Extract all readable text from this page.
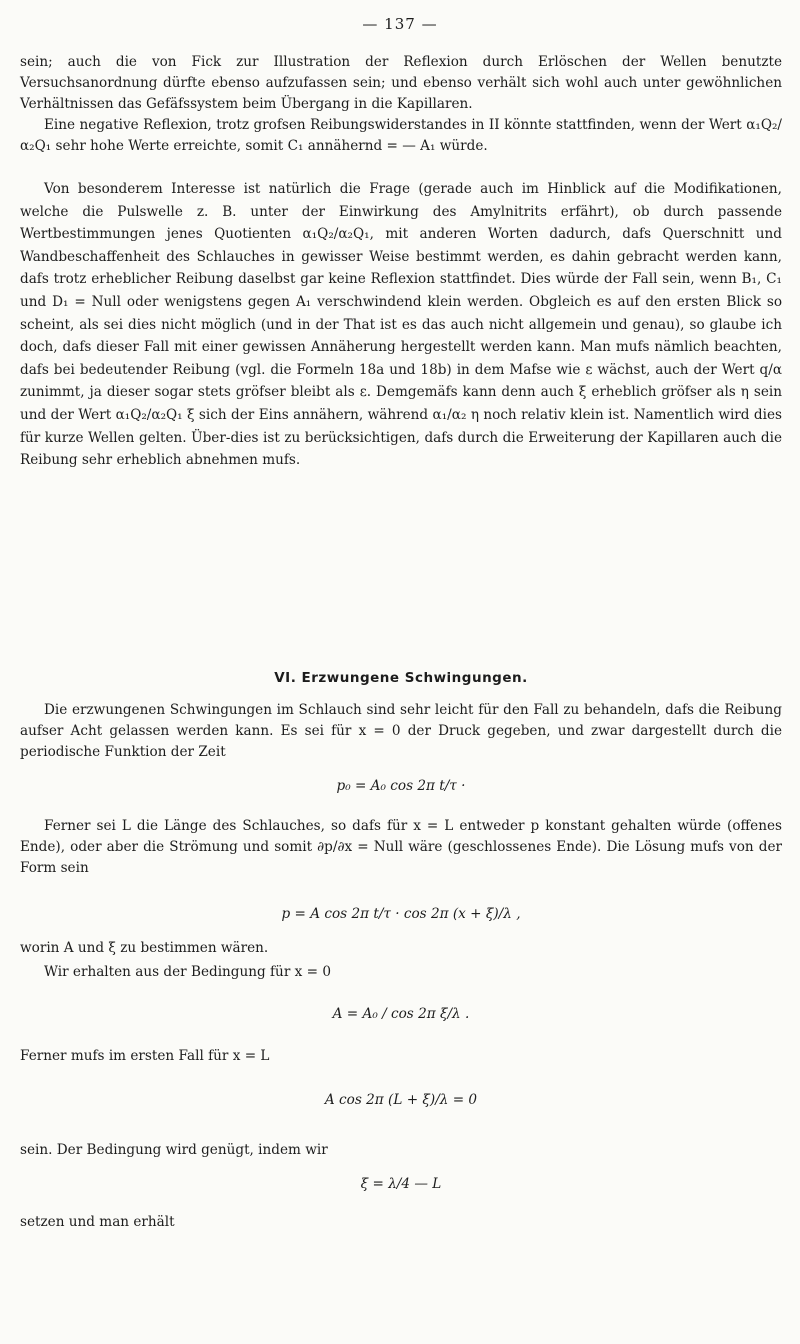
— 137 —

sein; auch die von Fick zur Illustration der Reflexion durch Erlöschen der Wellen benutzte Versuchsanordnung dürfte ebenso aufzufassen sein; und ebenso verhält sich wohl auch unter gewöhnlichen Verhältnissen das Gefäfssystem beim Übergang in die Kapillaren.

Eine negative Reflexion, trotz grofsen Reibungswiderstandes in II könnte stattfinden, wenn der Wert α₁Q₂/α₂Q₁ sehr hohe Werte erreichte, somit C₁ annähernd = — A₁ würde.

Von besonderem Interesse ist natürlich die Frage (gerade auch im Hinblick auf die Modifikationen, welche die Pulswelle z. B. unter der Einwirkung des Amylnitrits erfährt), ob durch passende Wertbestimmungen jenes Quotienten α₁Q₂/α₂Q₁, mit anderen Worten dadurch, dafs Querschnitt und Wandbeschaffenheit des Schlauches in gewisser Weise bestimmt werden, es dahin gebracht werden kann, dafs trotz erheblicher Reibung daselbst gar keine Reflexion stattfindet. Dies würde der Fall sein, wenn B₁, C₁ und D₁ = Null oder wenigstens gegen A₁ verschwindend klein werden. Obgleich es auf den ersten Blick so scheint, als sei dies nicht möglich (und in der That ist es das auch nicht allgemein und genau), so glaube ich doch, dafs dieser Fall mit einer gewissen Annäherung hergestellt werden kann. Man mufs nämlich beachten, dafs bei bedeutender Reibung (vgl. die Formeln 18a und 18b) in dem Mafse wie ε wächst, auch der Wert q/α zunimmt, ja dieser sogar stets gröfser bleibt als ε. Demgemäfs kann denn auch ξ erheblich gröfser als η sein und der Wert α₁Q₂/α₂Q₁ ξ sich der Eins annähern, während α₁/α₂ η noch relativ klein ist. Namentlich wird dies für kurze Wellen gelten. Über-dies ist zu berücksichtigen, dafs durch die Erweiterung der Kapillaren auch die Reibung sehr erheblich abnehmen mufs.

VI. Erzwungene Schwingungen.

Die erzwungenen Schwingungen im Schlauch sind sehr leicht für den Fall zu behandeln, dafs die Reibung aufser Acht gelassen werden kann. Es sei für x = 0 der Druck gegeben, und zwar dargestellt durch die periodische Funktion der Zeit

p₀ = A₀ cos 2π t/τ ·

Ferner sei L die Länge des Schlauches, so dafs für x = L entweder p konstant gehalten würde (offenes Ende), oder aber die Strömung und somit ∂p/∂x = Null wäre (geschlossenes Ende). Die Lösung mufs von der Form sein

p = A cos 2π t/τ · cos 2π (x + ξ)/λ ,

worin A und ξ zu bestimmen wären.

Wir erhalten aus der Bedingung für x = 0

A = A₀ / cos 2π ξ/λ .

Ferner mufs im ersten Fall für x = L

A cos 2π (L + ξ)/λ = 0

sein. Der Bedingung wird genügt, indem wir

ξ = λ/4 — L

setzen und man erhält
